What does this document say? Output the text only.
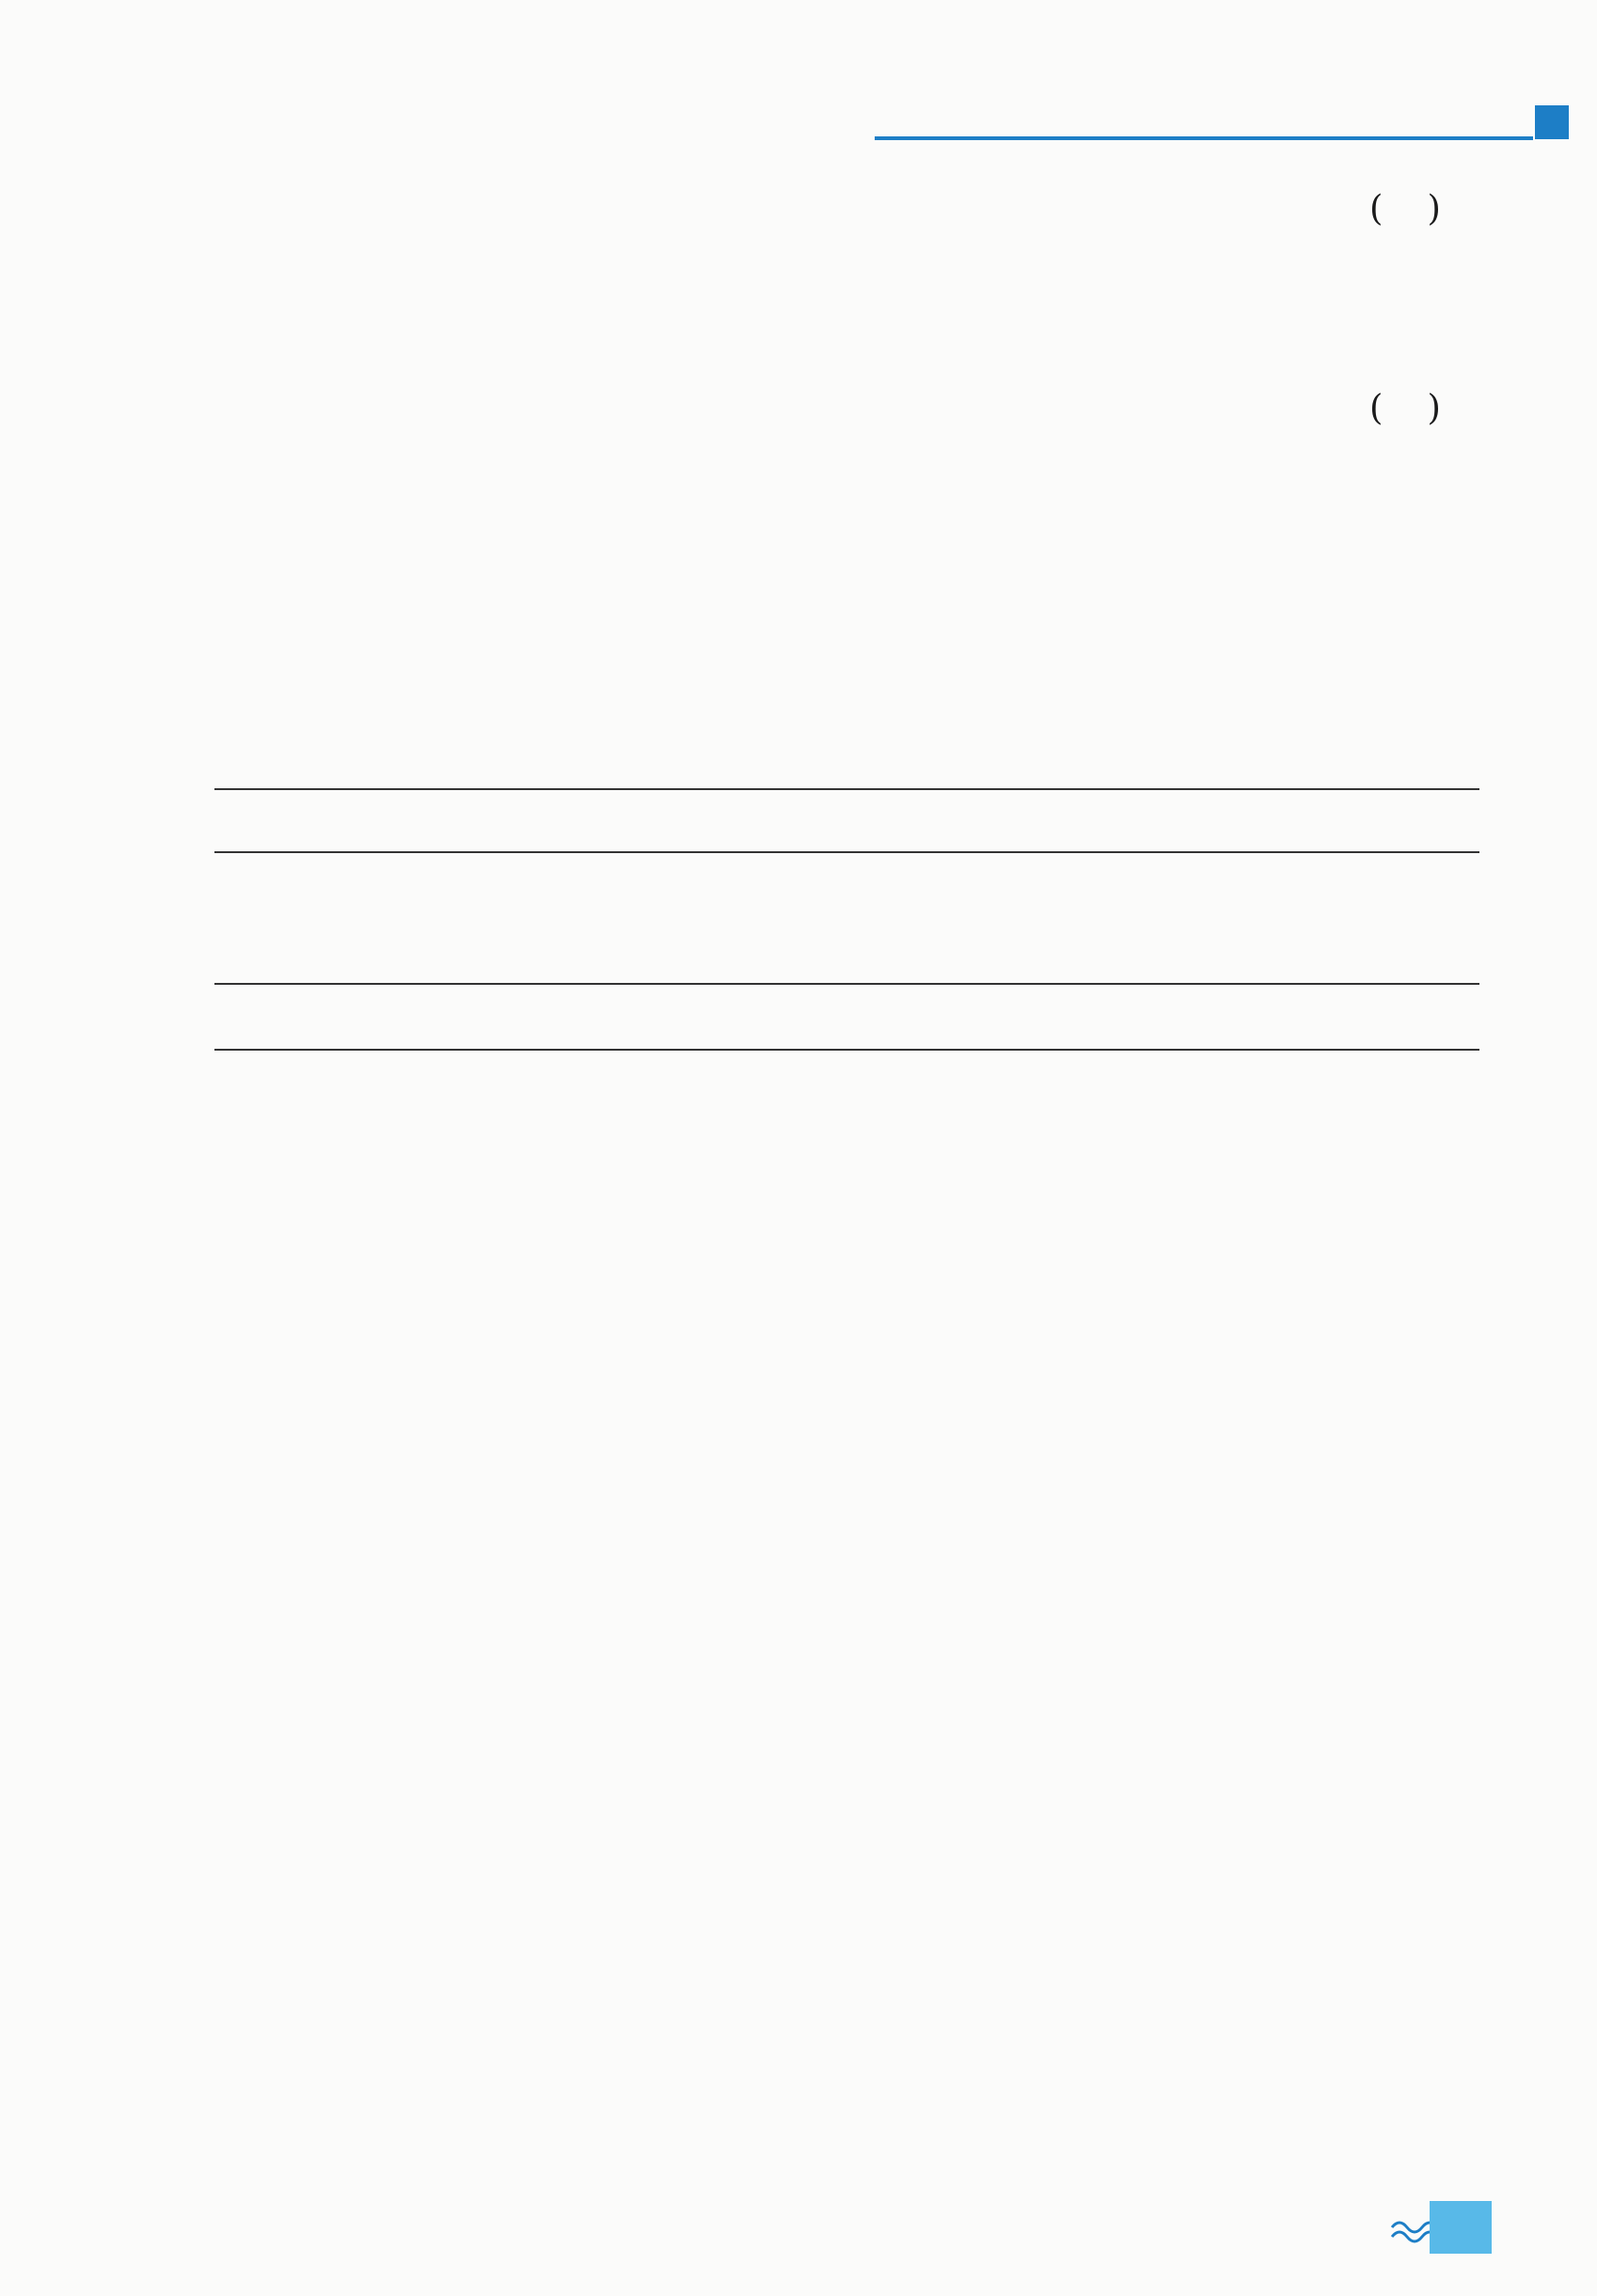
(    )
(    )
